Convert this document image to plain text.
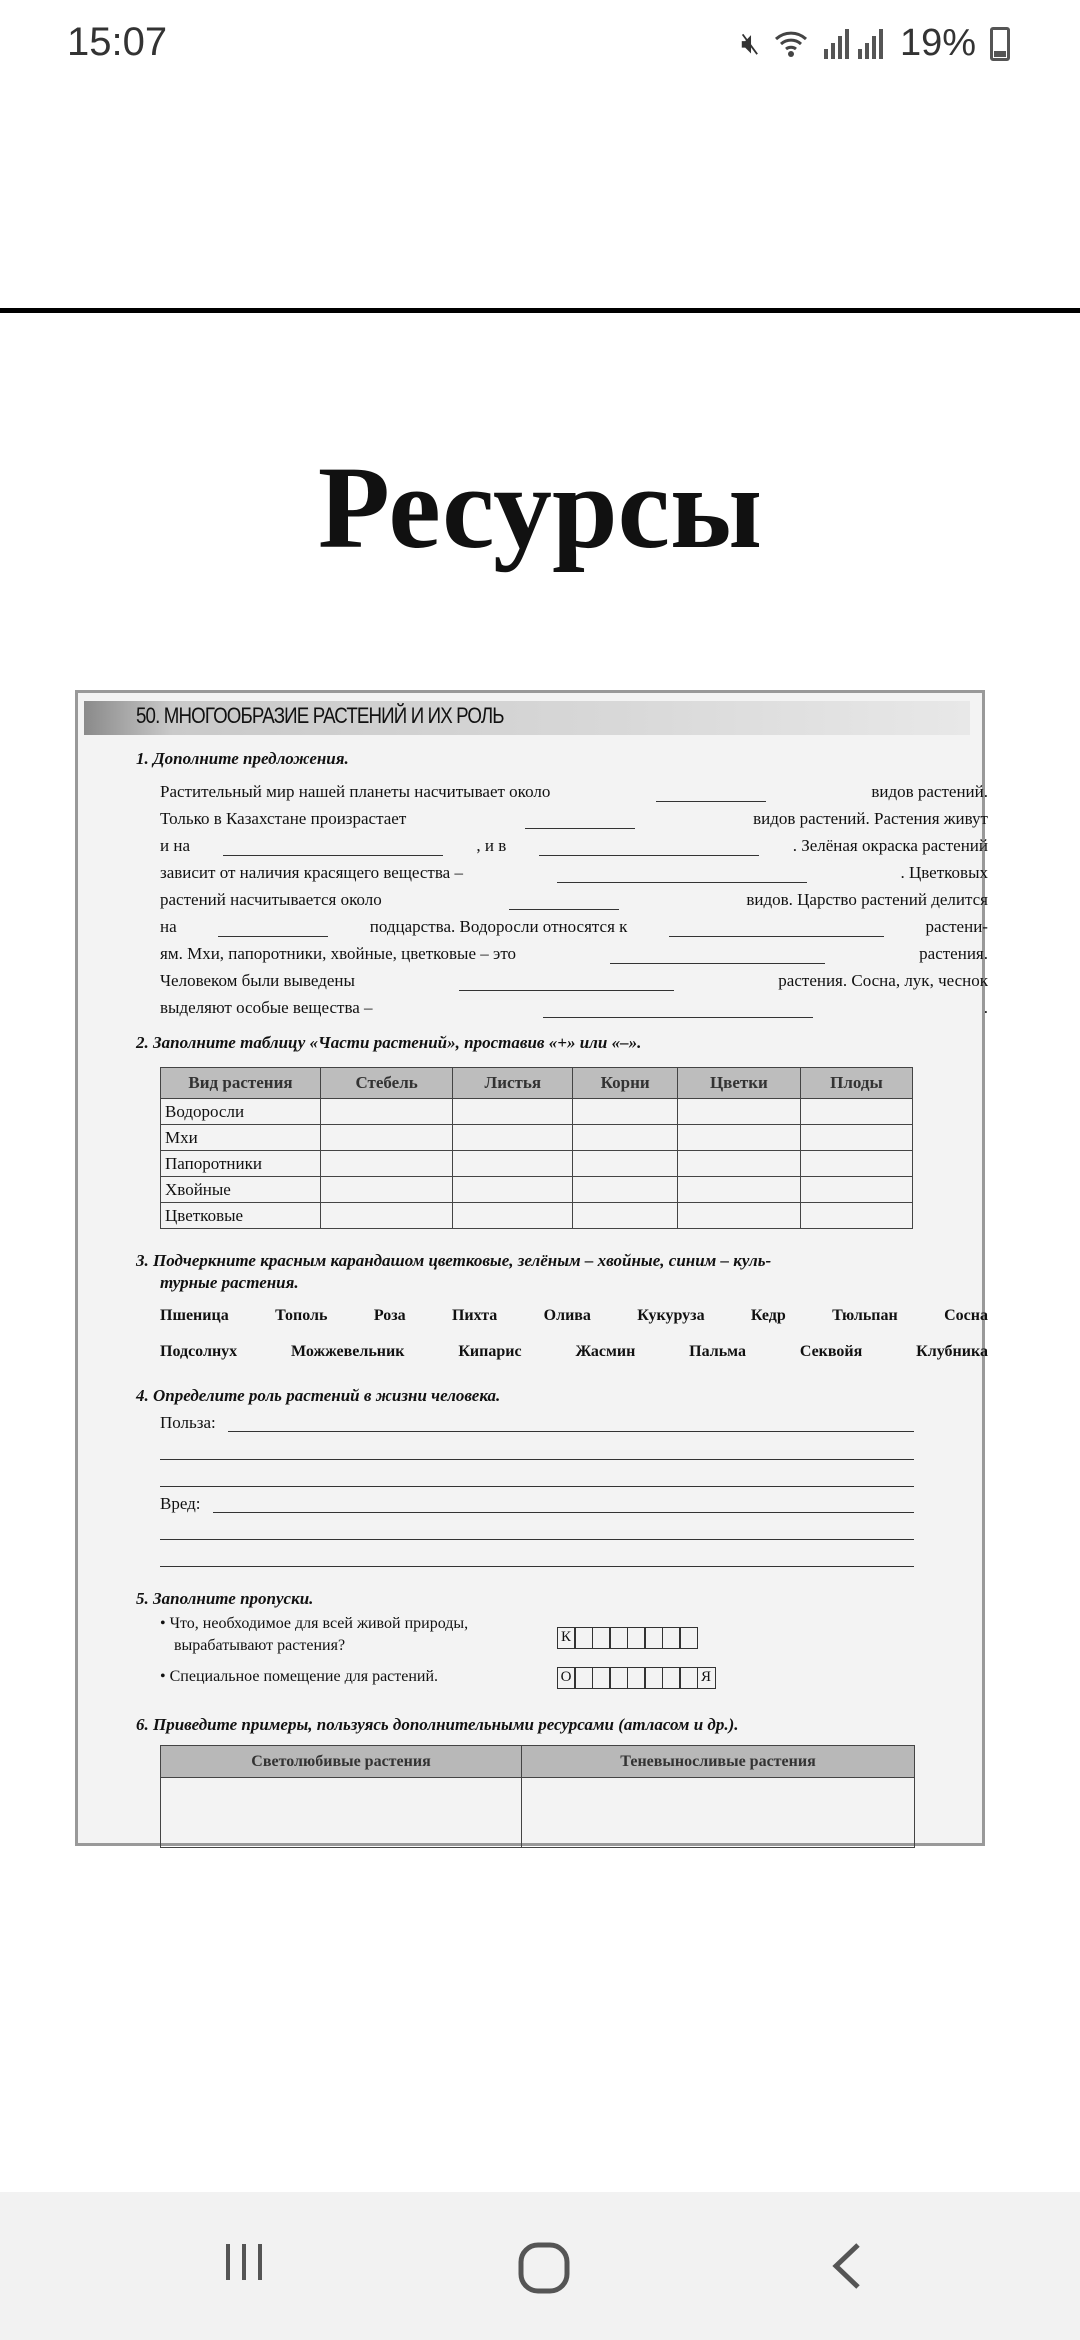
15:07	🔇︎	19%
Ресурсы
50. МНОГООБРАЗИЕ РАСТЕНИЙ И ИХ РОЛЬ
1. Дополните предложения.
Растительный мир нашей планеты насчитывает около	видов растений.
Только в Казахстане произрастает	видов растений. Растения живут
и на	, и в	. Зелёная окраска растений
зависит от наличия красящего вещества –	. Цветковых
растений насчитывается около	видов. Царство растений делится
на	подцарства. Водоросли относятся к	растени-
ям. Мхи, папоротники, хвойные, цветковые – это	растения.
Человеком были выведены	растения. Сосна, лук, чеснок
выделяют особые вещества –	.
2. Заполните таблицу «Части растений», проставив «+» или «–».
Вид растения	Стебель	Листья	Корни	Цветки	Плоды
Водоросли					
Мхи					
Папоротники					
Хвойные					
Цветковые					
3. Подчеркните красным карандашом цветковые, зелёным – хвойные, синим – куль-
турные растения.
Пшеница	Тополь	Роза	Пихта	Олива	Кукуруза	Кедр	Тюльпан	Сосна
Подсолнух	Можжевельник	Кипарис	Жасмин	Пальма	Секвойя	Клубника
4. Определите роль растений в жизни человека.
Польза:
Вред:
5. Заполните пропуски.
• Что, необходимое для всей живой природы,
вырабатывают растения?	К
• Специальное помещение для растений.	О	Я
6. Приведите примеры, пользуясь дополнительными ресурсами (атласом и др.).
Светолюбивые растения	Теневыносливые растения
